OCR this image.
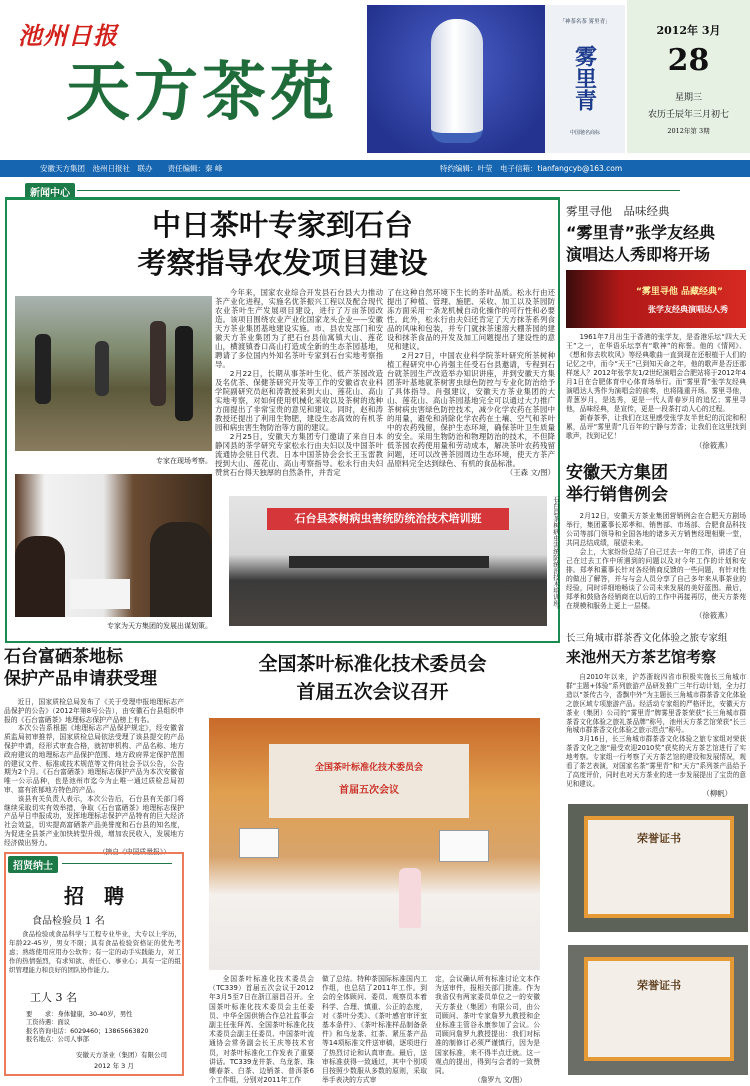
池州日报
天方茶苑
「神茶名茶 雾里青」
雾里青
中国驰名商标
2012年 3月
28
星期三
农历壬辰年三月初七
2012年第 3期
安徽天方集团　池州日报社　联办　　责任编辑：秦 峰	特约编辑：叶莹　电子信箱：tianfangcyb@163.com
新闻中心
中日茶叶专家到石台
考察指导农发项目建设
专家在现场考察。
专家为天方集团的发展出谋划策。

今年来，国家农业综合开发县石台县大力推动茶产业化进程，实施名优茶振兴工程以及配合现代农业茶叶生产发展项目建设，进行了万亩茶园改造。该项目围绕农业产业化国家龙头企业——安徽天方茶业集团基地建设实施。市、县农发部门和安徽天方茶业集团为了把石台县仙寓镇大山、莲花山，横渡镇香口高山打造成全新的生态茶园基地，聘请了多位国内外知名茶叶专家到石台实地考察指导。

2月22日，长期从事茶叶生化、低产茶园改造及名优茶、保健茶研究开发等工作的安徽省农业科学院副研究员赵和涛教授来到大山、莲花山、高山实地考察，对如何使用机械化采收以及茶树的选种方面提出了非常宝贵的意见和建议。同时，赵和涛教授还提出了利用生物肥，建设生态高效的有机茶园和病虫害生物防治等方面的建议。

2月25日，安徽天方集团专门邀请了来自日本静冈县的茶学研究专家松永行由夫妇以及中国茶叶流通协会驻日代表、日本中国茶协会会长王玉雷教授到大山、莲花山、高山考察指导。松永行由夫妇赞赏石台得天独厚的自然条件，并肯定

了在这种自然环境下生长的茶叶品质。松永行由还提出了种植、管理、施肥、采收、加工以及茶园防冻方面采用一条龙机械自动化操作的可行性和必要性。此外，松永行由夫妇还肯定了天方抹茶系列食品的风味和包装，并专门就抹茶速溶大棚茶园的建设和抹茶食品的开发及加工问题提出了建设性的意见和建议。

2月27日，中国农业科学院茶叶研究所茶树种植工程研究中心肖强主任受石台县邀请，专程到石台就茶园生产改造举办知识讲座，并到安徽天方集团茶叶基地就茶树害虫绿色防控与专业化防治给予了具体指导。肖强建议，安徽天方茶业集团的大山、莲花山、高山茶园基地完全可以通过大力推广茶树病虫害绿色防控技术，减少化学农药在茶园中的用量，避免和消除化学农药在土壤、空气和茶叶中的农药残留，保护生态环境，确保茶叶卫生质量的安全。采用生物防治和物理防治的技术，不但降低茶园农药使用量和劳动成本，解决茶叶农药残留问题，还可以改善茶园周边生态环境，使天方茶产品原料完全达到绿色、有机的食品标准。
（王森 文/图）

石台县茶树病虫害统防统治技术培训班	石台县茶树病虫害统防统治技术培训班。
石台富硒茶地标
保护产品申请获受理

近日，国家质检总局发布了《关于受理申报地理标志产品保护的公告》（2012年第8号公告），由安徽石台县组织申报的《石台富硒茶》地理标志保护产品榜上有名。

本次公告系根据《地理标志产品保护规定》，经安徽省质监局初审推荐，国家质检总局依法受理了该县提交的产品保护申请，经形式审查合格，就初审机构、产品名称、地方政府建议的地理标志产品保护范围、地方政府界定保护范围的建议文件、标准或技术规范等文件向社会予以公告，公告期为2个月。《石台富硒茶》地理标志保护产品为本次安徽省唯一公示品种，也是池州市迄今为止唯一通过质检总局初审、富有浓郁地方特色的产品。

该县有关负责人表示，本次公告后，石台县有关部门将继续采取切实有效举措，争取《石台富硒茶》地理标志保护产品早日申报成功，发挥地理标志保护产品特有的巨大经济社会效益，切实提高富硒茶产品美誉度和石台县的知名度，为促进全县茶产业加快转型升级，增加农民收入，发展地方经济做出努力。

（摘自《中国质量报》）
招贤纳士
招　聘
食品检验员 1 名
食品检验或食品科学与工程专业毕业，大专以上学历，年龄22-45岁，男女不限；具有食品检验资格证的优先考虑；熟练使用应用办公软件；有一定的动手实践能力，对工作的热情强烈，有求知欲、责任心、事业心；具有一定的组织管理能力和良好的团队协作能力。
工人 3 名
要　　求：身体健康，30-40岁，男性
工资待遇：面议
报名咨询电话：6029460；13865663820
报名地点：公司人事部
安徽天方茶业（集团）有限公司
2012 年 3 月
全国茶叶标准化技术委员会
首届五次会议召开
全国茶叶标准化技术委员会
首届五次会议
全国茶叶标准化技术委员会（TC339）首届五次会议于2012年3月5至7日在浙江丽昌召开。全国茶叶标准化技术委员会主任委员、中华全国供销合作总社监事会副主任张拜芮、全国茶叶标准化技术委员会副主任委员、中国茶叶流通协会常务副会长王庆等技术官员，对茶叶标准化工作发表了重要讲话。TC339龙井茶、乌龙茶、珠螺春茶、白茶、边销茶、普洱茶6个工作组，分别对2011年工作
做了总结。特种茶国际标准国内工作组，也总结了2011年工作。到会的全体顾问、委员、观察员本着科学、合理、慎重、公正的态度，对《茶叶分类》、《茶叶感官审评室基本条件》、《茶叶标准样品制备条件》和乌龙茶、红茶、紧压茶产品等14项标准文件送审稿，逐项进行了热烈讨论和认真审查。最后，送审标准获得一致通过，其中个别项目按照少数服从多数的原则，采取举手表决的方式审
定，会议确认所有标准讨论文本作为送审件，报相关部门批准。作为我省仅有两家委员单位之一的安徽天方茶业（集团）有限公司，由公司顾问、茶叶专家詹罗九教授和企业标准主管谷永康参加了会议。公司顾问詹罗九教授提出：我们对标准的制修订必须严谨慎行，因为是国家标准，来不得半点迁就。这一观点的提出，得到与会者的一致赞同。
（詹罗九 文/图）
雾里寻他　品味经典
“雾里青”张学友经典
演唱达人秀即将开场
“雾里寻他 品藏经典”
张学友经典演唱达人秀

1961年7月出生于香港的张学友，是香港乐坛“四大天王”之一，在华语乐坛享有“歌神”的称誉。他的《情网》、《想和你去吹吹风》等经典歌曲一直到现在还根植于人们的记忆之中，而今“天王”已到知天命之年，他的歌声是否还那样迷人？2012年张学友1/2世纪演唱会合肥站将于2012年4月1日在合肥体育中心体育场举行。而“雾里青”张学友经典演唱达人秀作为演唱会的前奏，也将隆重开场。雾里寻他，青葱岁月，是选秀，更是一代人青春岁月的追忆；雾里寻他，品味经典，是宣传，更是一段茶打动人心的过程。

新春茶季，让我们在这里感受张学友半世纪的沉淀和积累，品评“雾里青”几百年的宁静与芳香；让我们在这里找到歌声，找到记忆！

（徐筱燕）
安徽天方集团
举行销售例会

2月12日，安徽天方茶业集团营销例会在合肥天方剧场举行，集团董事长郑孝和、销售部、市场部、合肥食品科技公司等部门领导和全国各地的诸多天方销售经理相聚一堂，共同总结成绩，展望未来。

会上，大家纷纷总结了自己过去一年的工作，讲述了自己在过去工作中所遇到的问题以及对今年工作的计划和安排。郑孝和董事长针对各经销商反馈的一些问题，有针对性的做出了解答，并与与会人员分享了自己多年来从事茶业的经验，同时详细地畅谈了公司未来发展的美好蓝图。最后，郑孝和鼓励各经销商在以后的工作中再接再厉，使天方茶苑在规模和服务上更上一层楼。

（徐筱燕）
长三角城市群茶香文化体验之旅专家组
来池州天方茶艺馆考察

自2010年以来，沪苏浙皖四省市积极实施长三角城市群“主题+体验”系列旅游产品研发推广三年行动计划，全力打造以“茶传古今，香飘中外”为主题长三角城市群茶香文化体验之旅区域专项旅游产品。经活动专家组的严格评比，安徽天方茶业（集团）公司的“雾里青”牌雾里香茶荣获“长三角城市群茶香文化体验之旅礼茶品牌”称号，池州天方茶艺馆荣获“长三角城市群茶香文化体验之旅示范点”称号。

3月16日，长三角城市群茶香文化体验之旅专家组对荣获茶香文化之旅“最受欢迎2010奖”获奖的天方茶艺馆进行了实地考察。专家组一行考察了天方茶艺馆的建设和发展情况，观看了茶艺表演，对国家名茶“雾里青”和“天方”系列茶产品给予了高度评价，同时也对天方茶业的进一步发展提出了宝贵的意见和建议。

（柳帆）
荣誉证书
荣誉证书
